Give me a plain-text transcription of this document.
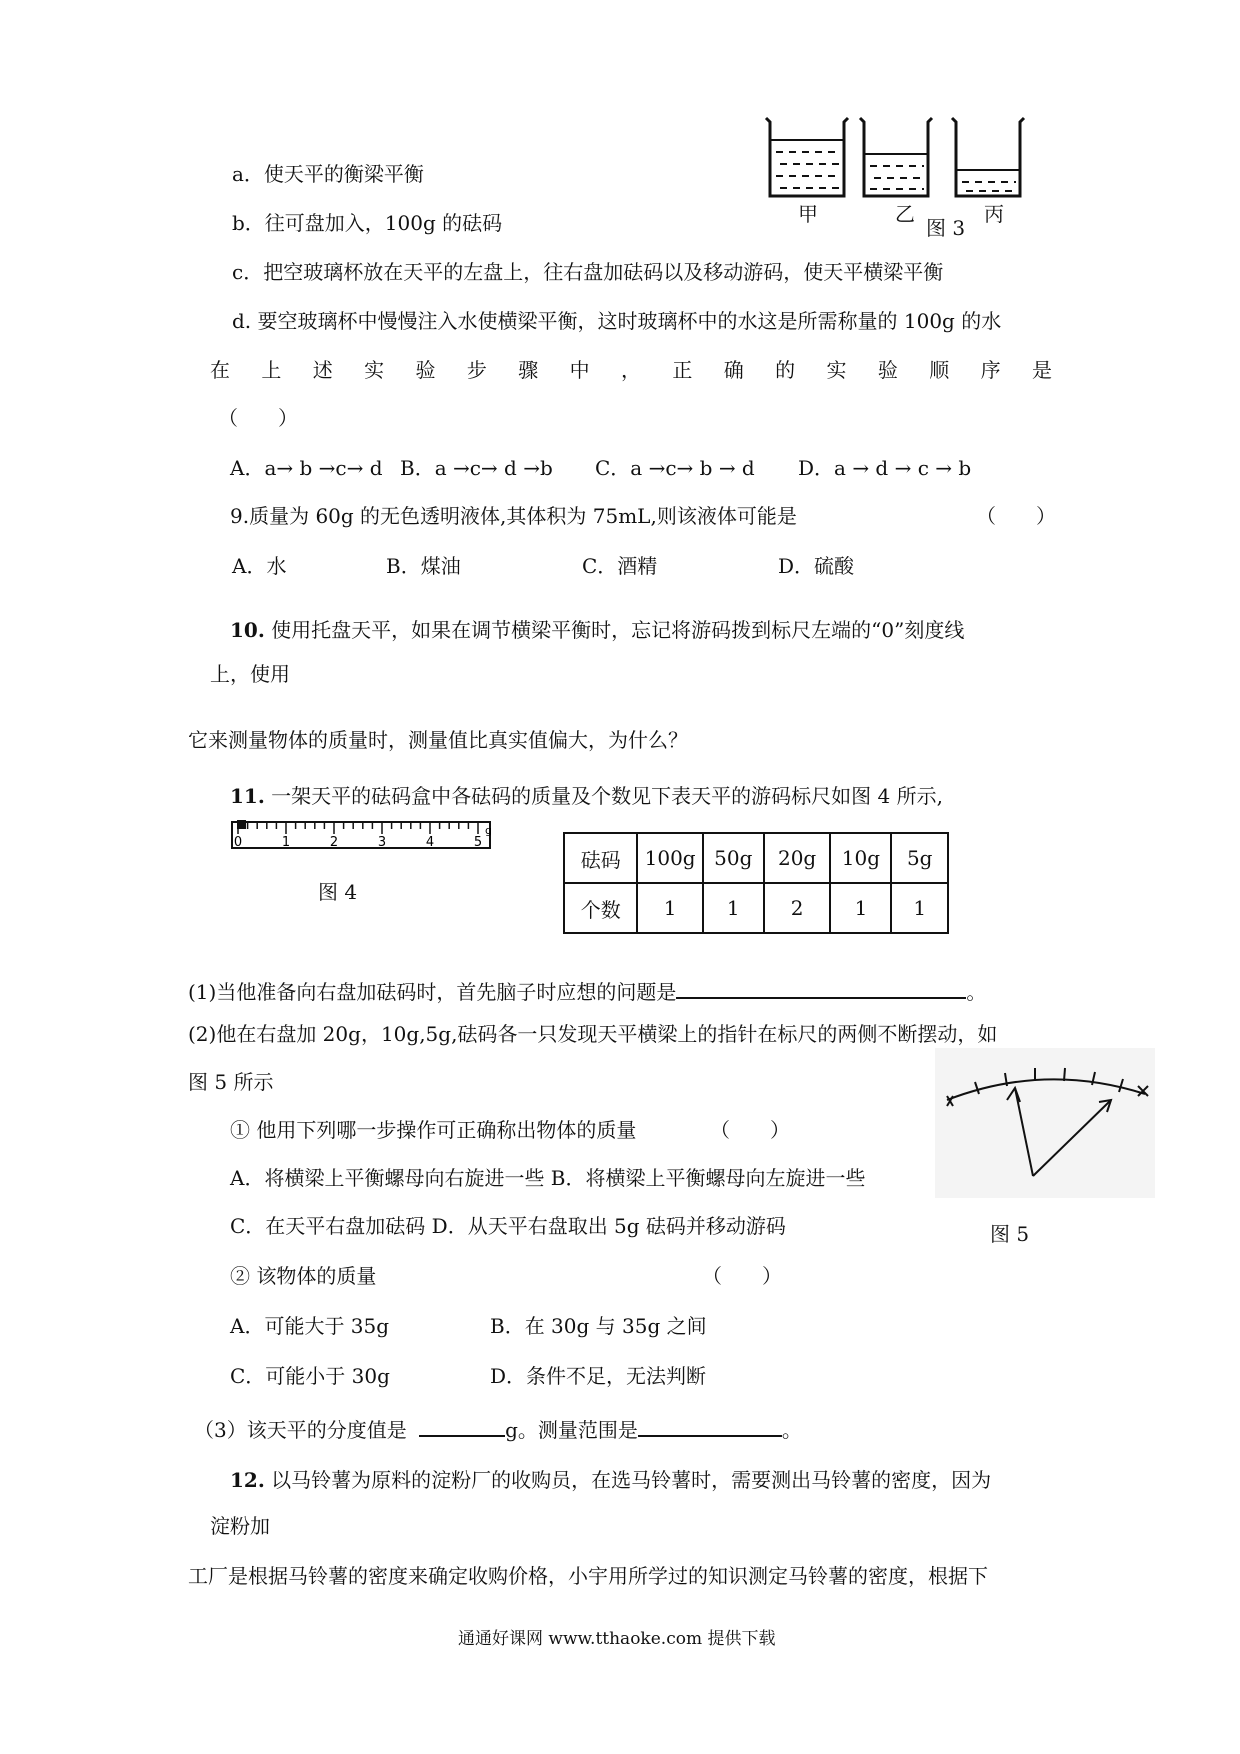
甲	乙	丙
图 3
a．使天平的衡梁平衡
b．往可盘加入，100g 的砝码
c．把空玻璃杯放在天平的左盘上，往右盘加砝码以及移动游码，使天平横梁平衡
d. 要空玻璃杯中慢慢注入水使横梁平衡，这时玻璃杯中的水这是所需称量的 100g 的水
在 上 述 实 验 步 骤 中 ， 正 确 的 实 验 顺 序 是
（　　）
A．a→ b →c→ d B．a →c→ d →b C．a →c→ b → d D．a → d → c → b
9.质量为 60g 的无色透明液体,其体积为 75mL,则该液体可能是	（　　）
A．水	B．煤油	C．酒精	D．硫酸
10. 使用托盘天平，如果在调节横梁平衡时，忘记将游码拨到标尺左端的“0”刻度线
上，使用
它来测量物体的质量时，测量值比真实值偏大，为什么？
11. 一架天平的砝码盒中各砝码的质量及个数见下表天平的游码标尺如图 4 所示,
0	1	2	3	4	5
g
图 4
砝码	100g	50g	20g	10g	5g
个数	1	1	2	1	1
(1)当他准备向右盘加砝码时，首先脑子时应想的问题是	。
(2)他在右盘加 20g，10g,5g,砝码各一只发现天平横梁上的指针在标尺的两侧不断摆动，如
图 5 所示
图 5
① 他用下列哪一步操作可正确称出物体的质量	（　　）
A．将横梁上平衡螺母向右旋进一些 B．将横梁上平衡螺母向左旋进一些
C．在天平右盘加砝码 D．从天平右盘取出 5g 砝码并移动游码
② 该物体的质量	（　　）
A．可能大于 35g	B．在 30g 与 35g 之间
C．可能小于 30g	D．条件不足，无法判断
（3）该天平的分度值是	g。测量范围是	。
12. 以马铃薯为原料的淀粉厂的收购员，在选马铃薯时，需要测出马铃薯的密度，因为
淀粉加
工厂是根据马铃薯的密度来确定收购价格，小宇用所学过的知识测定马铃薯的密度，根据下
通通好课网 www.tthaoke.com 提供下载
